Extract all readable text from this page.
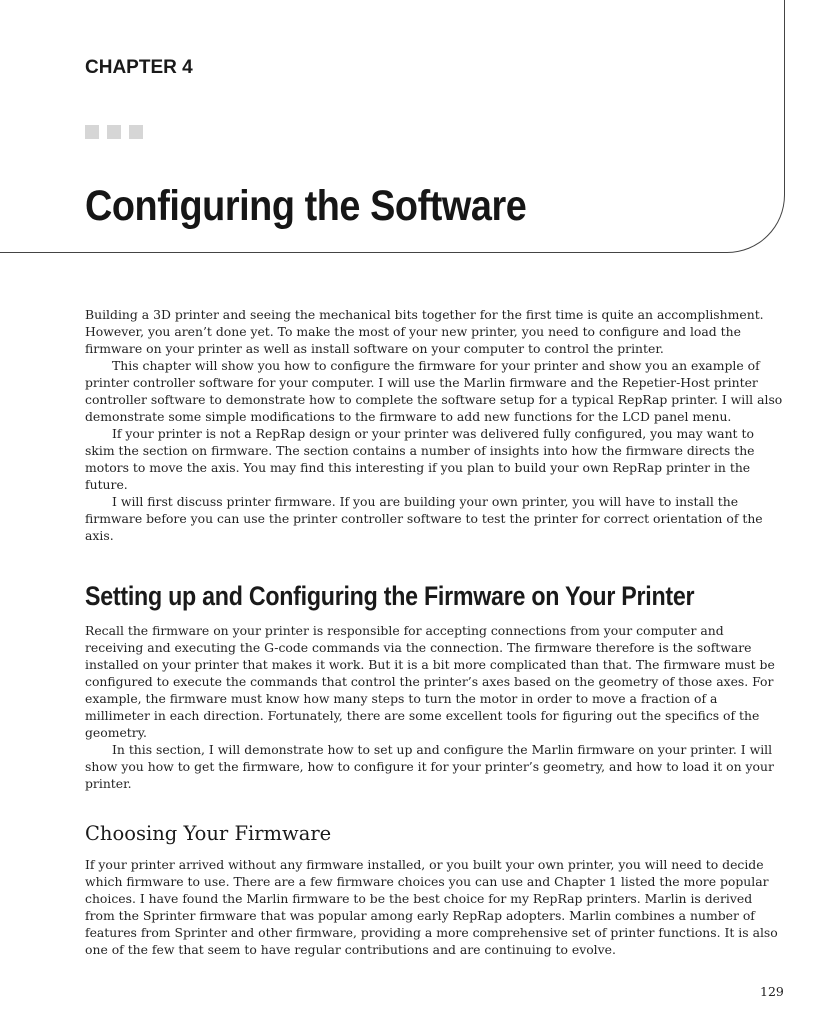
CHAPTER 4
Configuring the Software

Building a 3D printer and seeing the mechanical bits together for the first time is quite an accomplishment. However, you aren’t done yet. To make the most of your new printer, you need to configure and load the firmware on your printer as well as install software on your computer to control the printer.

This chapter will show you how to configure the firmware for your printer and show you an example of printer controller software for your computer. I will use the Marlin firmware and the Repetier-Host printer controller software to demonstrate how to complete the software setup for a typical RepRap printer. I will also demonstrate some simple modifications to the firmware to add new functions for the LCD panel menu.

If your printer is not a RepRap design or your printer was delivered fully configured, you may want to skim the section on firmware. The section contains a number of insights into how the firmware directs the motors to move the axis. You may find this interesting if you plan to build your own RepRap printer in the future.

I will first discuss printer firmware. If you are building your own printer, you will have to install the firmware before you can use the printer controller software to test the printer for correct orientation of the axis.

Setting up and Configuring the Firmware on Your Printer

Recall the firmware on your printer is responsible for accepting connections from your computer and receiving and executing the G-code commands via the connection. The firmware therefore is the software installed on your printer that makes it work. But it is a bit more complicated than that. The firmware must be configured to execute the commands that control the printer’s axes based on the geometry of those axes. For example, the firmware must know how many steps to turn the motor in order to move a fraction of a millimeter in each direction. Fortunately, there are some excellent tools for figuring out the specifics of the geometry.

In this section, I will demonstrate how to set up and configure the Marlin firmware on your printer. I will show you how to get the firmware, how to configure it for your printer’s geometry, and how to load it on your printer.

Choosing Your Firmware

If your printer arrived without any firmware installed, or you built your own printer, you will need to decide which firmware to use. There are a few firmware choices you can use and Chapter 1 listed the more popular choices. I have found the Marlin firmware to be the best choice for my RepRap printers. Marlin is derived from the Sprinter firmware that was popular among early RepRap adopters. Marlin combines a number of features from Sprinter and other firmware, providing a more comprehensive set of printer functions. It is also one of the few that seem to have regular contributions and are continuing to evolve.

129
